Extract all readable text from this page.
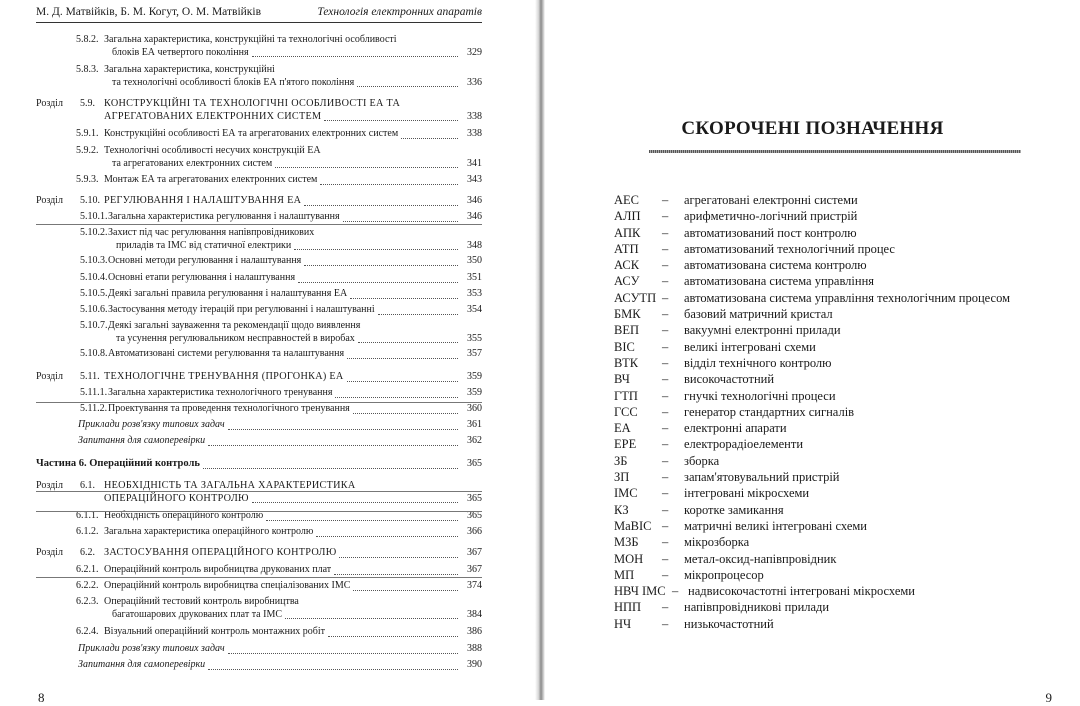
М. Д. Матвійків, Б. М. Когут, О. М. Матвійків	Технологія електронних апаратів
5.8.2. Загальна характеристика, конструкційні та технологічні особливості
блоків ЕА четвертого покоління	329
5.8.3. Загальна характеристика, конструкційні
та технологічні особливості блоків ЕА п'ятого покоління	336
Розділ 5.9. КОНСТРУКЦІЙНІ ТА ТЕХНОЛОГІЧНІ ОСОБЛИВОСТІ ЕА ТА
АГРЕГАТОВАНИХ ЕЛЕКТРОННИХ СИСТЕМ	338
5.9.1. Конструкційні особливості ЕА та агрегатованих електронних систем	338
5.9.2. Технологічні особливості несучих конструкцій ЕА
та агрегатованих електронних систем	341
5.9.3. Монтаж ЕА та агрегатованих електронних систем	343
Розділ 5.10. РЕГУЛЮВАННЯ І НАЛАШТУВАННЯ ЕА	346
5.10.1. Загальна характеристика регулювання і налаштування	346
5.10.2. Захист під час регулювання напівпровідникових
приладів та ІМС від статичної електрики	348
5.10.3. Основні методи регулювання і налаштування	350
5.10.4. Основні етапи регулювання і налаштування	351
5.10.5. Деякі загальні правила регулювання і налаштування ЕА	353
5.10.6. Застосування методу ітерацій при регулюванні і налаштуванні	354
5.10.7. Деякі загальні зауваження та рекомендації щодо виявлення
та усунення регулювальником несправностей в виробах	355
5.10.8. Автоматизовані системи регулювання та налаштування	357
Розділ 5.11. ТЕХНОЛОГІЧНЕ ТРЕНУВАННЯ (ПРОГОНКА) ЕА	359
5.11.1. Загальна характеристика технологічного тренування	359
5.11.2. Проектування та проведення технологічного тренування	360
Приклади розв'язку типових задач	361
Запитання для самоперевірки	362
Частина 6. Операційний контроль	365
Розділ 6.1. НЕОБХІДНІСТЬ ТА ЗАГАЛЬНА ХАРАКТЕРИСТИКА
ОПЕРАЦІЙНОГО КОНТРОЛЮ	365
6.1.1. Необхідність операційного контролю	365
6.1.2. Загальна характеристика операційного контролю	366
Розділ 6.2. ЗАСТОСУВАННЯ ОПЕРАЦІЙНОГО КОНТРОЛЮ	367
6.2.1. Операційний контроль виробництва друкованих плат	367
6.2.2. Операційний контроль виробництва спеціалізованих ІМС	374
6.2.3. Операційний тестовий контроль виробництва
багатошарових друкованих плат та ІМС	384
6.2.4. Візуальний операційний контроль монтажних робіт	386
Приклади розв'язку типових задач	388
Запитання для самоперевірки	390
8
СКОРОЧЕНІ ПОЗНАЧЕННЯ
АЕС – агрегатовані електронні системи
АЛП – арифметично-логічний пристрій
АПК – автоматизований пост контролю
АТП – автоматизований технологічний процес
АСК – автоматизована система контролю
АСУ – автоматизована система управління
АСУТП – автоматизована система управління технологічним процесом
БМК – базовий матричний кристал
ВЕП – вакуумні електронні прилади
ВІС – великі інтегровані схеми
ВТК – відділ технічного контролю
ВЧ	– високочастотний
ГТП – гнучкі технологічні процеси
ГСС – генератор стандартних сигналів
ЕА	– електронні апарати
ЕРЕ – електрорадіоелементи
ЗБ	– зборка
ЗП	– запам'ятовувальний пристрій
ІМС – інтегровані мікросхеми
КЗ	– коротке замикання
МаВІС – матричні великі інтегровані схеми
МЗБ – мікрозборка
МОН – метал-оксид-напівпровідник
МП – мікропроцесор
НВЧ ІМС – надвисокочастотні інтегровані мікросхеми
НПП – напівпровідникові прилади
НЧ – низькочастотний
9
